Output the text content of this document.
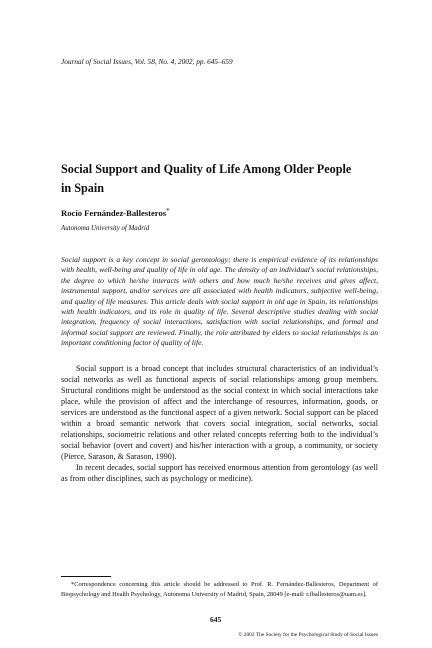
Journal of Social Issues, Vol. 58, No. 4, 2002, pp. 645–659
Social Support and Quality of Life Among Older People in Spain
Rocío Fernández-Ballesteros*
Autonoma University of Madrid
Social support is a key concept in social gerontology; there is empirical evidence of its relationships with health, well-being and quality of life in old age. The density of an individual’s social relationships, the degree to which he/she interacts with others and how much he/she receives and gives affect, instrumental support, and/or services are all associated with health indicators, subjective well-being, and quality of life measures. This article deals with social support in old age in Spain, its relationships with health indicators, and its role in quality of life. Several descriptive studies dealing with social integration, frequency of social interactions, satisfaction with social relationships, and formal and informal social support are reviewed. Finally, the role attributed by elders to social relationships is an important conditioning factor of quality of life.

Social support is a broad concept that includes structural characteristics of an individual’s social networks as well as functional aspects of social relationships among group members. Structural conditions might be understood as the social context in which social interactions take place, while the provision of affect and the interchange of resources, information, goods, or services are understood as the functional aspect of a given network. Social support can be placed within a broad semantic network that covers social integration, social networks, social relationships, sociometric relations and other related concepts referring both to the individual’s social behavior (overt and covert) and his/her interaction with a group, a community, or society (Pierce, Sarason, & Sarason, 1990).

In recent decades, social support has received enormous attention from gerontology (as well as from other disciplines, such as psychology or medicine).

*Correspondence concerning this article should be addressed to Prof. R. Fernández-Ballesteros, Department of Biopsychology and Health Psychology, Autonoma University of Madrid, Spain, 28049 [e-mail: r.fballesteros@uam.es].
645
© 2002 The Society for the Psychological Study of Social Issues
